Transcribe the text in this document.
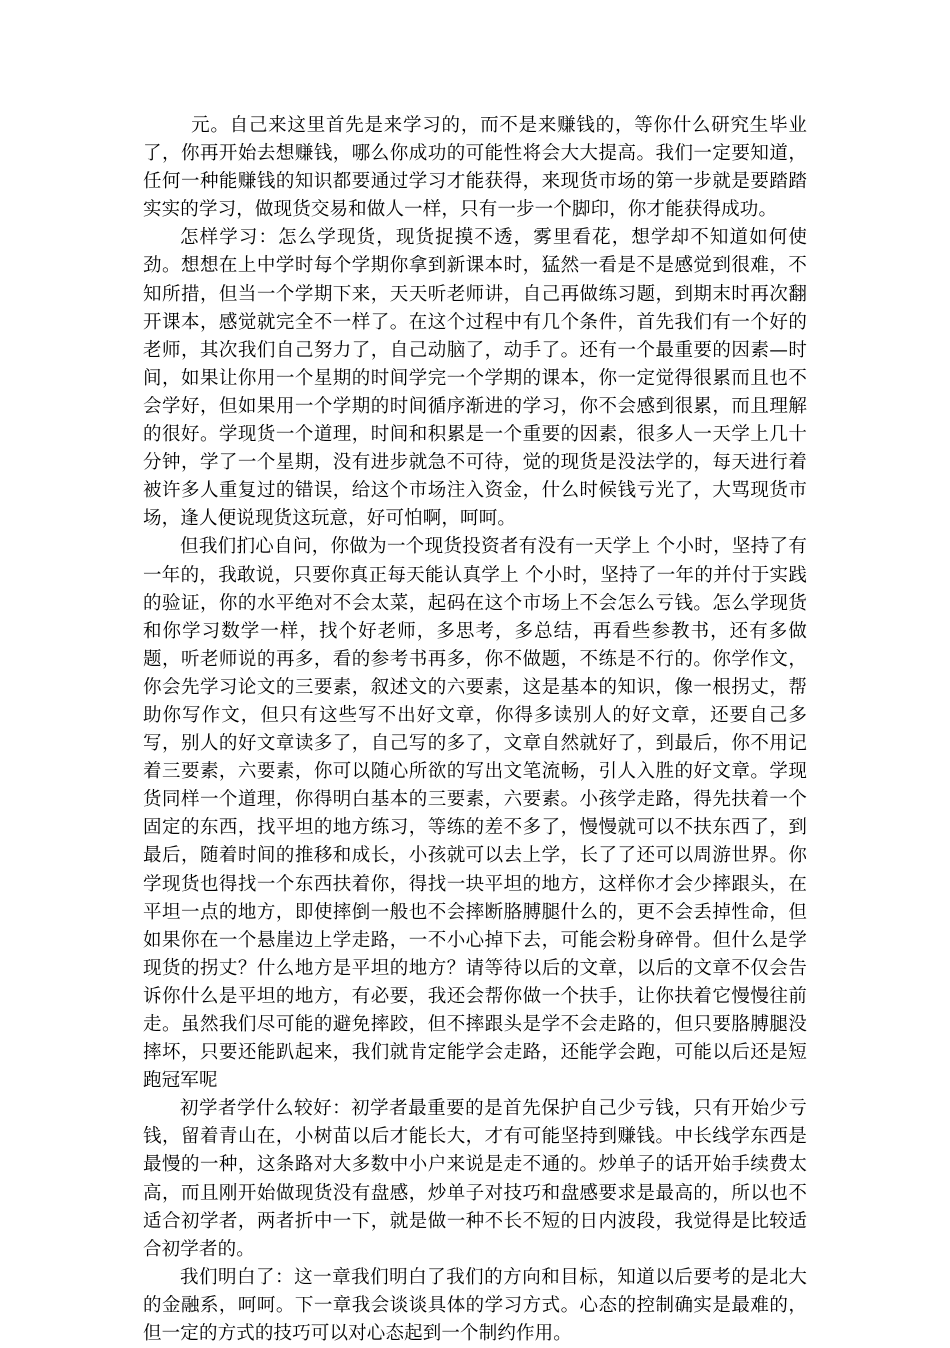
元。自己来这里首先是来学习的，而不是来赚钱的，等你什么研究生毕业了，你再开始去想赚钱，哪么你成功的可能性将会大大提高。我们一定要知道，任何一种能赚钱的知识都要通过学习才能获得，来现货市场的第一步就是要踏踏实实的学习，做现货交易和做人一样，只有一步一个脚印，你才能获得成功。

怎样学习：怎么学现货，现货捉摸不透，雾里看花，想学却不知道如何使劲。想想在上中学时每个学期你拿到新课本时，猛然一看是不是感觉到很难，不知所措，但当一个学期下来，天天听老师讲，自己再做练习题，到期末时再次翻开课本，感觉就完全不一样了。在这个过程中有几个条件，首先我们有一个好的老师，其次我们自己努力了，自己动脑了，动手了。还有一个最重要的因素—时间，如果让你用一个星期的时间学完一个学期的课本，你一定觉得很累而且也不会学好，但如果用一个学期的时间循序渐进的学习，你不会感到很累，而且理解的很好。学现货一个道理，时间和积累是一个重要的因素，很多人一天学上几十分钟，学了一个星期，没有进步就急不可待，觉的现货是没法学的，每天进行着被许多人重复过的错误，给这个市场注入资金，什么时候钱亏光了，大骂现货市场，逢人便说现货这玩意，好可怕啊，呵呵。

但我们扪心自问，你做为一个现货投资者有没有一天学上 个小时，坚持了有一年的，我敢说，只要你真正每天能认真学上 个小时，坚持了一年的并付于实践的验证，你的水平绝对不会太菜，起码在这个市场上不会怎么亏钱。怎么学现货 和你学习数学一样，找个好老师，多思考，多总结，再看些参教书，还有多做题，听老师说的再多，看的参考书再多，你不做题，不练是不行的。你学作文，你会先学习论文的三要素，叙述文的六要素，这是基本的知识，像一根拐丈，帮助你写作文，但只有这些写不出好文章，你得多读别人的好文章，还要自己多写，别人的好文章读多了，自己写的多了，文章自然就好了，到最后，你不用记着三要素，六要素，你可以随心所欲的写出文笔流畅，引人入胜的好文章。学现货同样一个道理，你得明白基本的三要素，六要素。小孩学走路，得先扶着一个固定的东西，找平坦的地方练习，等练的差不多了，慢慢就可以不扶东西了，到最后，随着时间的推移和成长，小孩就可以去上学，长了了还可以周游世界。你学现货也得找一个东西扶着你，得找一块平坦的地方，这样你才会少摔跟头，在平坦一点的地方，即使摔倒一般也不会摔断胳膊腿什么的，更不会丢掉性命，但如果你在一个悬崖边上学走路，一不小心掉下去，可能会粉身碎骨。但什么是学现货的拐丈？什么地方是平坦的地方？请等待以后的文章，以后的文章不仅会告诉你什么是平坦的地方，有必要，我还会帮你做一个扶手，让你扶着它慢慢往前走。虽然我们尽可能的避免摔跤，但不摔跟头是学不会走路的，但只要胳膊腿没摔坏，只要还能趴起来，我们就肯定能学会走路，还能学会跑，可能以后还是短跑冠军呢

初学者学什么较好：初学者最重要的是首先保护自己少亏钱，只有开始少亏钱，留着青山在，小树苗以后才能长大，才有可能坚持到赚钱。中长线学东西是最慢的一种，这条路对大多数中小户来说是走不通的。炒单子的话开始手续费太高，而且刚开始做现货没有盘感，炒单子对技巧和盘感要求是最高的，所以也不适合初学者，两者折中一下，就是做一种不长不短的日内波段，我觉得是比较适合初学者的。

我们明白了：这一章我们明白了我们的方向和目标，知道以后要考的是北大的金融系，呵呵。下一章我会谈谈具体的学习方式。心态的控制确实是最难的，但一定的方式的技巧可以对心态起到一个制约作用。
